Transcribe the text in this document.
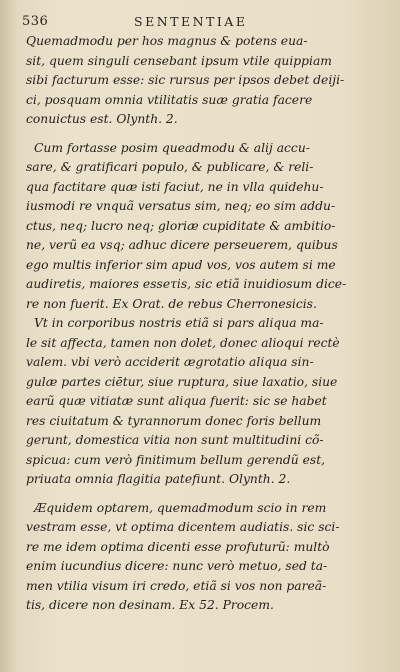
536	SENTENTIAE
Quemadmodu per hos magnus & potens eua-
sit, quem singuli censebant ipsum vtile quippiam
sibi facturum esse: sic rursus per ipsos debet deiji-
ci, posquam omnia vtilitatis suæ gratia facere
conuictus est. Olynth. 2.
Cum fortasse posim queadmodu & alij accu-
sare, & gratificari populo, & publicare, & reli-
qua factitare quæ isti faciut, ne in vlla quidehu-
iusmodi re vnquã versatus sim, neq; eo sim addu-
ctus, neq; lucro neq; gloriæ cupiditate & ambitio-
ne, verũ ea vsq; adhuc dicere perseuerem, quibus
ego multis inferior sim apud vos, vos autem si me
audiretis, maiores esseτis, sic etiã inuidiosum dice-
re non fuerit. Ex Orat. de rebus Cherronesicis.
Vt in corporibus nostris etiã si pars aliqua ma-
le sit affecta, tamen non dolet, donec alioqui rectè
valem. vbi verò acciderit ægrotatio aliqua sin-
gulæ partes ciētur, siue ruptura, siue laxatio, siue
earũ quæ vitiatæ sunt aliqua fuerit: sic se habet
res ciuitatum & tyrannorum donec foris bellum
gerunt, domestica vitia non sunt multitudini cõ-
spicua: cum verò finitimum bellum gerendũ est,
priuata omnia flagitia patefiunt. Olynth. 2.
Æquidem optarem, quemadmodum scio in rem
vestram esse, vt optima dicentem audiatis. sic sci-
re me idem optima dicenti esse profuturũ: multò
enim iucundius dicere: nunc verò metuo, sed ta-
men vtilia visum iri credo, etiã si vos non pareã-
tis, dicere non desinam. Ex 52. Procem.
